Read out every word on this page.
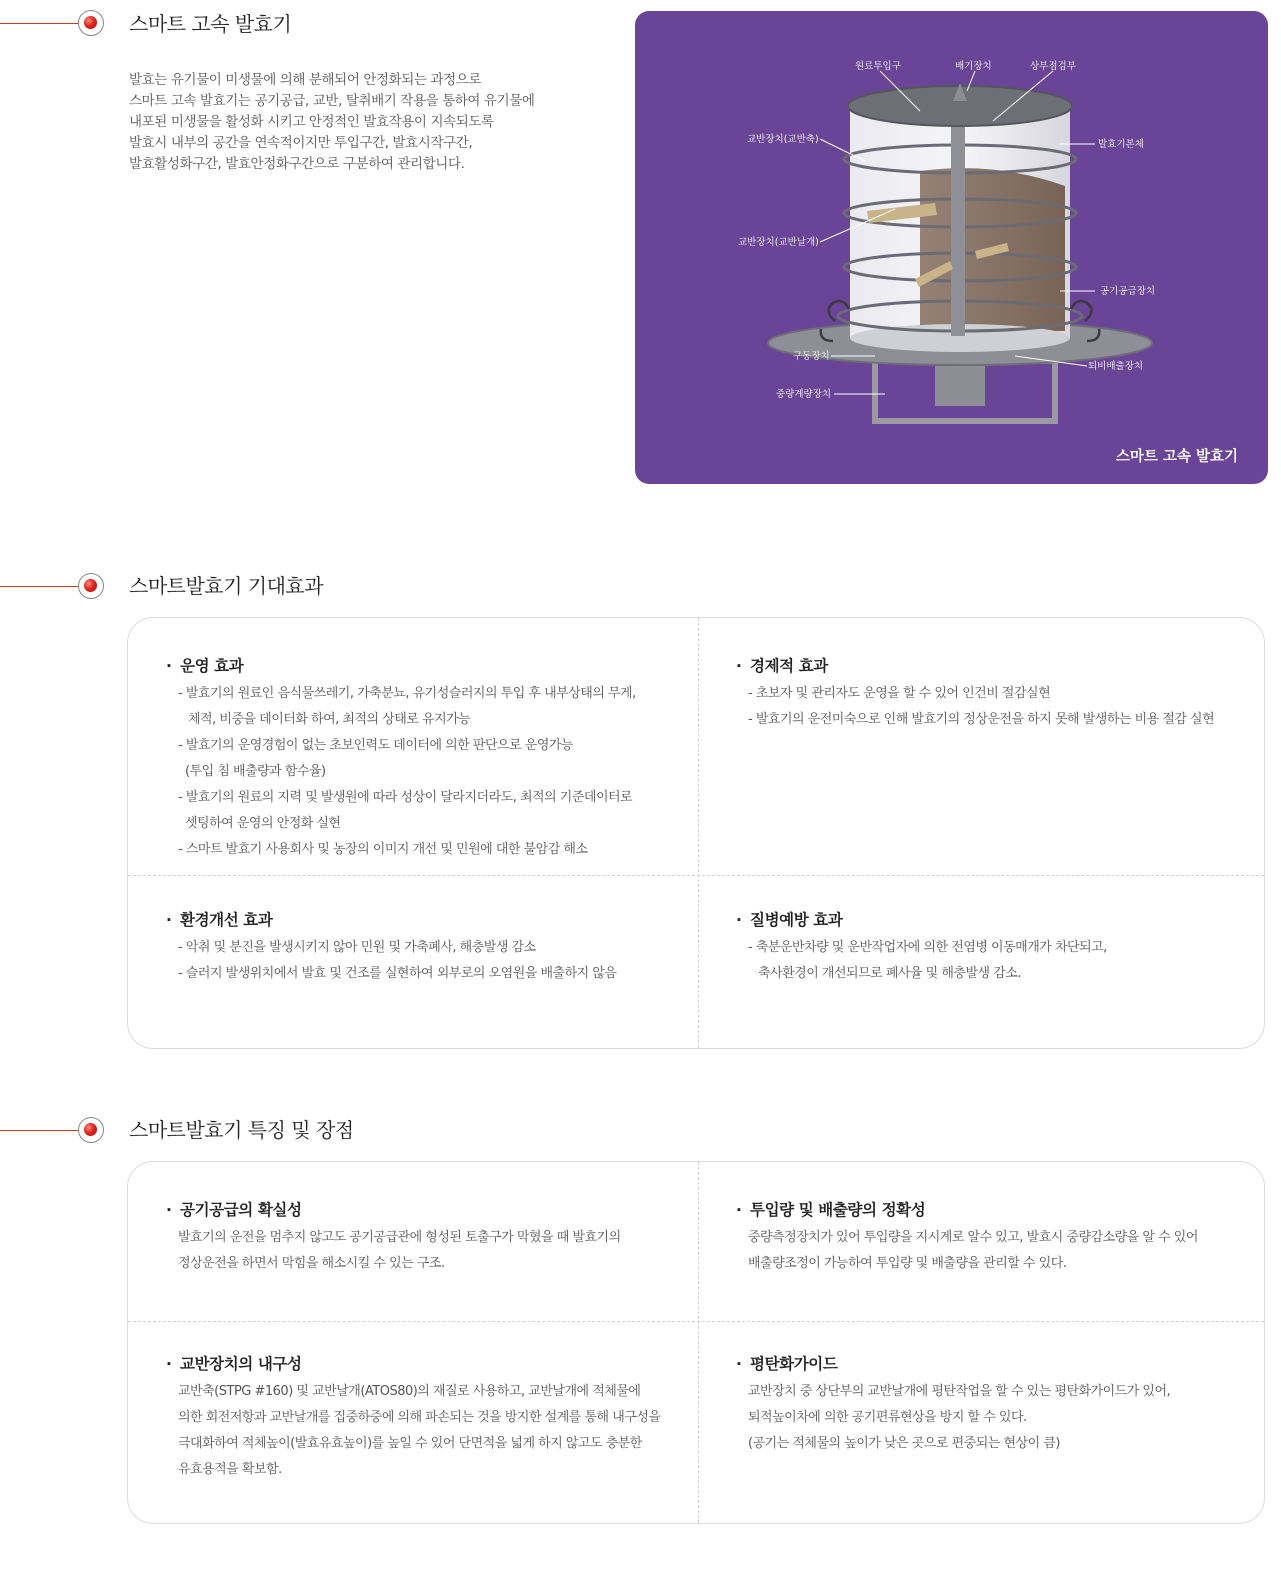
스마트 고속 발효기
발효는 유기물이 미생물에 의해 분해되어 안정화되는 과정으로
스마트 고속 발효기는 공기공급, 교반, 탈취배기 작용을 통하여 유기물에
내포된 미생물을 활성화 시키고 안정적인 발효작용이 지속되도록
발효시 내부의 공간을 연속적이지만 투입구간, 발효시작구간,
발효활성화구간, 발효안정화구간으로 구분하여 관리합니다.
원료투입구	배기장치	상부점검부
교반장치(교반축)	발효기본체
교반장치(교반날개)
공기공급장치
구동장치
퇴비배출장치
중량계량장치
스마트 고속 발효기
스마트발효기 기대효과
· 운영 효과
- 발효기의 원료인 음식물쓰레기, 가축분뇨, 유기성슬러지의 투입 후 내부상태의 무게,
체적, 비중을 데이터화 하여, 최적의 상태로 유지가능
- 발효기의 운영경험이 없는 초보인력도 데이터에 의한 판단으로 운영가능
(투입 침 배출량과 함수율)
- 발효기의 원료의 지력 및 발생원에 따라 성상이 달라지더라도, 최적의 기준데이터로
셋팅하여 운영의 안정화 실현
- 스마트 발효기 사용회사 및 농장의 이미지 개선 및 민원에 대한 불암감 해소
· 경제적 효과
- 초보자 및 관리자도 운영을 할 수 있어 인건비 절감실현
- 발효기의 운전미숙으로 인해 발효기의 정상운전을 하지 못해 발생하는 비용 절감 실현
· 환경개선 효과
- 악취 및 분진을 발생시키지 않아 민원 및 가축폐사, 해충발생 감소
- 슬러지 발생위치에서 발효 및 건조를 실현하여 외부로의 오염원을 배출하지 않음
· 질병예방 효과
- 축분운반차량 및 운반작업자에 의한 전염병 이동매개가 차단되고,
축사환경이 개선되므로 폐사율 및 해충발생 감소.
스마트발효기 특징 및 장점
· 공기공급의 확실성
발효기의 운전을 멈추지 않고도 공기공급관에 형성된 토출구가 막혔을 때 발효기의
정상운전을 하면서 막힘을 해소시킬 수 있는 구조.
· 투입량 및 배출량의 정확성
중량측정장치가 있어 투입량을 지시계로 알수 있고, 발효시 중량감소량을 알 수 있어
배출량조정이 가능하여 투입량 및 배출량을 관리할 수 있다.
· 교반장치의 내구성
교반축(STPG #160) 및 교반날개(ATOS80)의 재질로 사용하고, 교반날개에 적체물에
의한 회전저항과 교반날개를 집중하중에 의해 파손되는 것을 방지한 설계를 통해 내구성을
극대화하여 적체높이(발효유효높이)를 높일 수 있어 단면적을 넓게 하지 않고도 충분한
유효용적을 확보함.
· 평탄화가이드
교반장치 중 상단부의 교반날개에 평탄작업을 할 수 있는 평탄화가이드가 있어,
퇴적높이차에 의한 공기편류현상을 방지 할 수 있다.
(공기는 적체물의 높이가 낮은 곳으로 편중되는 현상이 큼)
